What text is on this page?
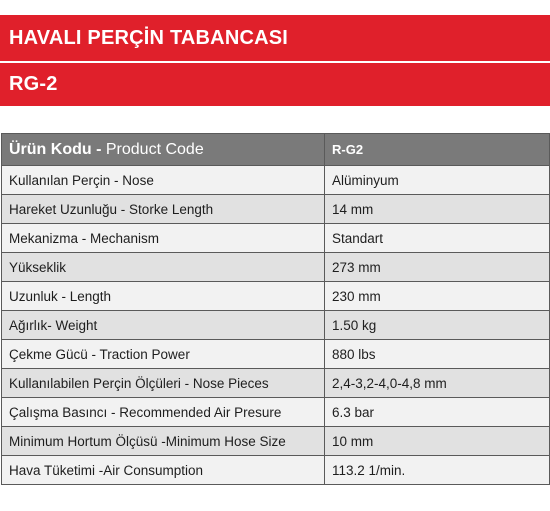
HAVALI PERÇİN TABANCASI
RG-2
Ürün Kodu - Product Code	R-G2
Kullanılan Perçin - Nose	Alüminyum
Hareket Uzunluğu - Storke Length	14 mm
Mekanizma - Mechanism	Standart
Yükseklik	273 mm
Uzunluk - Length	230 mm
Ağırlık- Weight	1.50 kg
Çekme Gücü - Traction Power	880 lbs
Kullanılabilen Perçin Ölçüleri - Nose Pieces	2,4-3,2-4,0-4,8 mm
Çalışma Basıncı - Recommended Air Presure	6.3 bar
Minimum Hortum Ölçüsü -Minimum Hose Size	10 mm
Hava Tüketimi -Air Consumption	113.2 1/min.
